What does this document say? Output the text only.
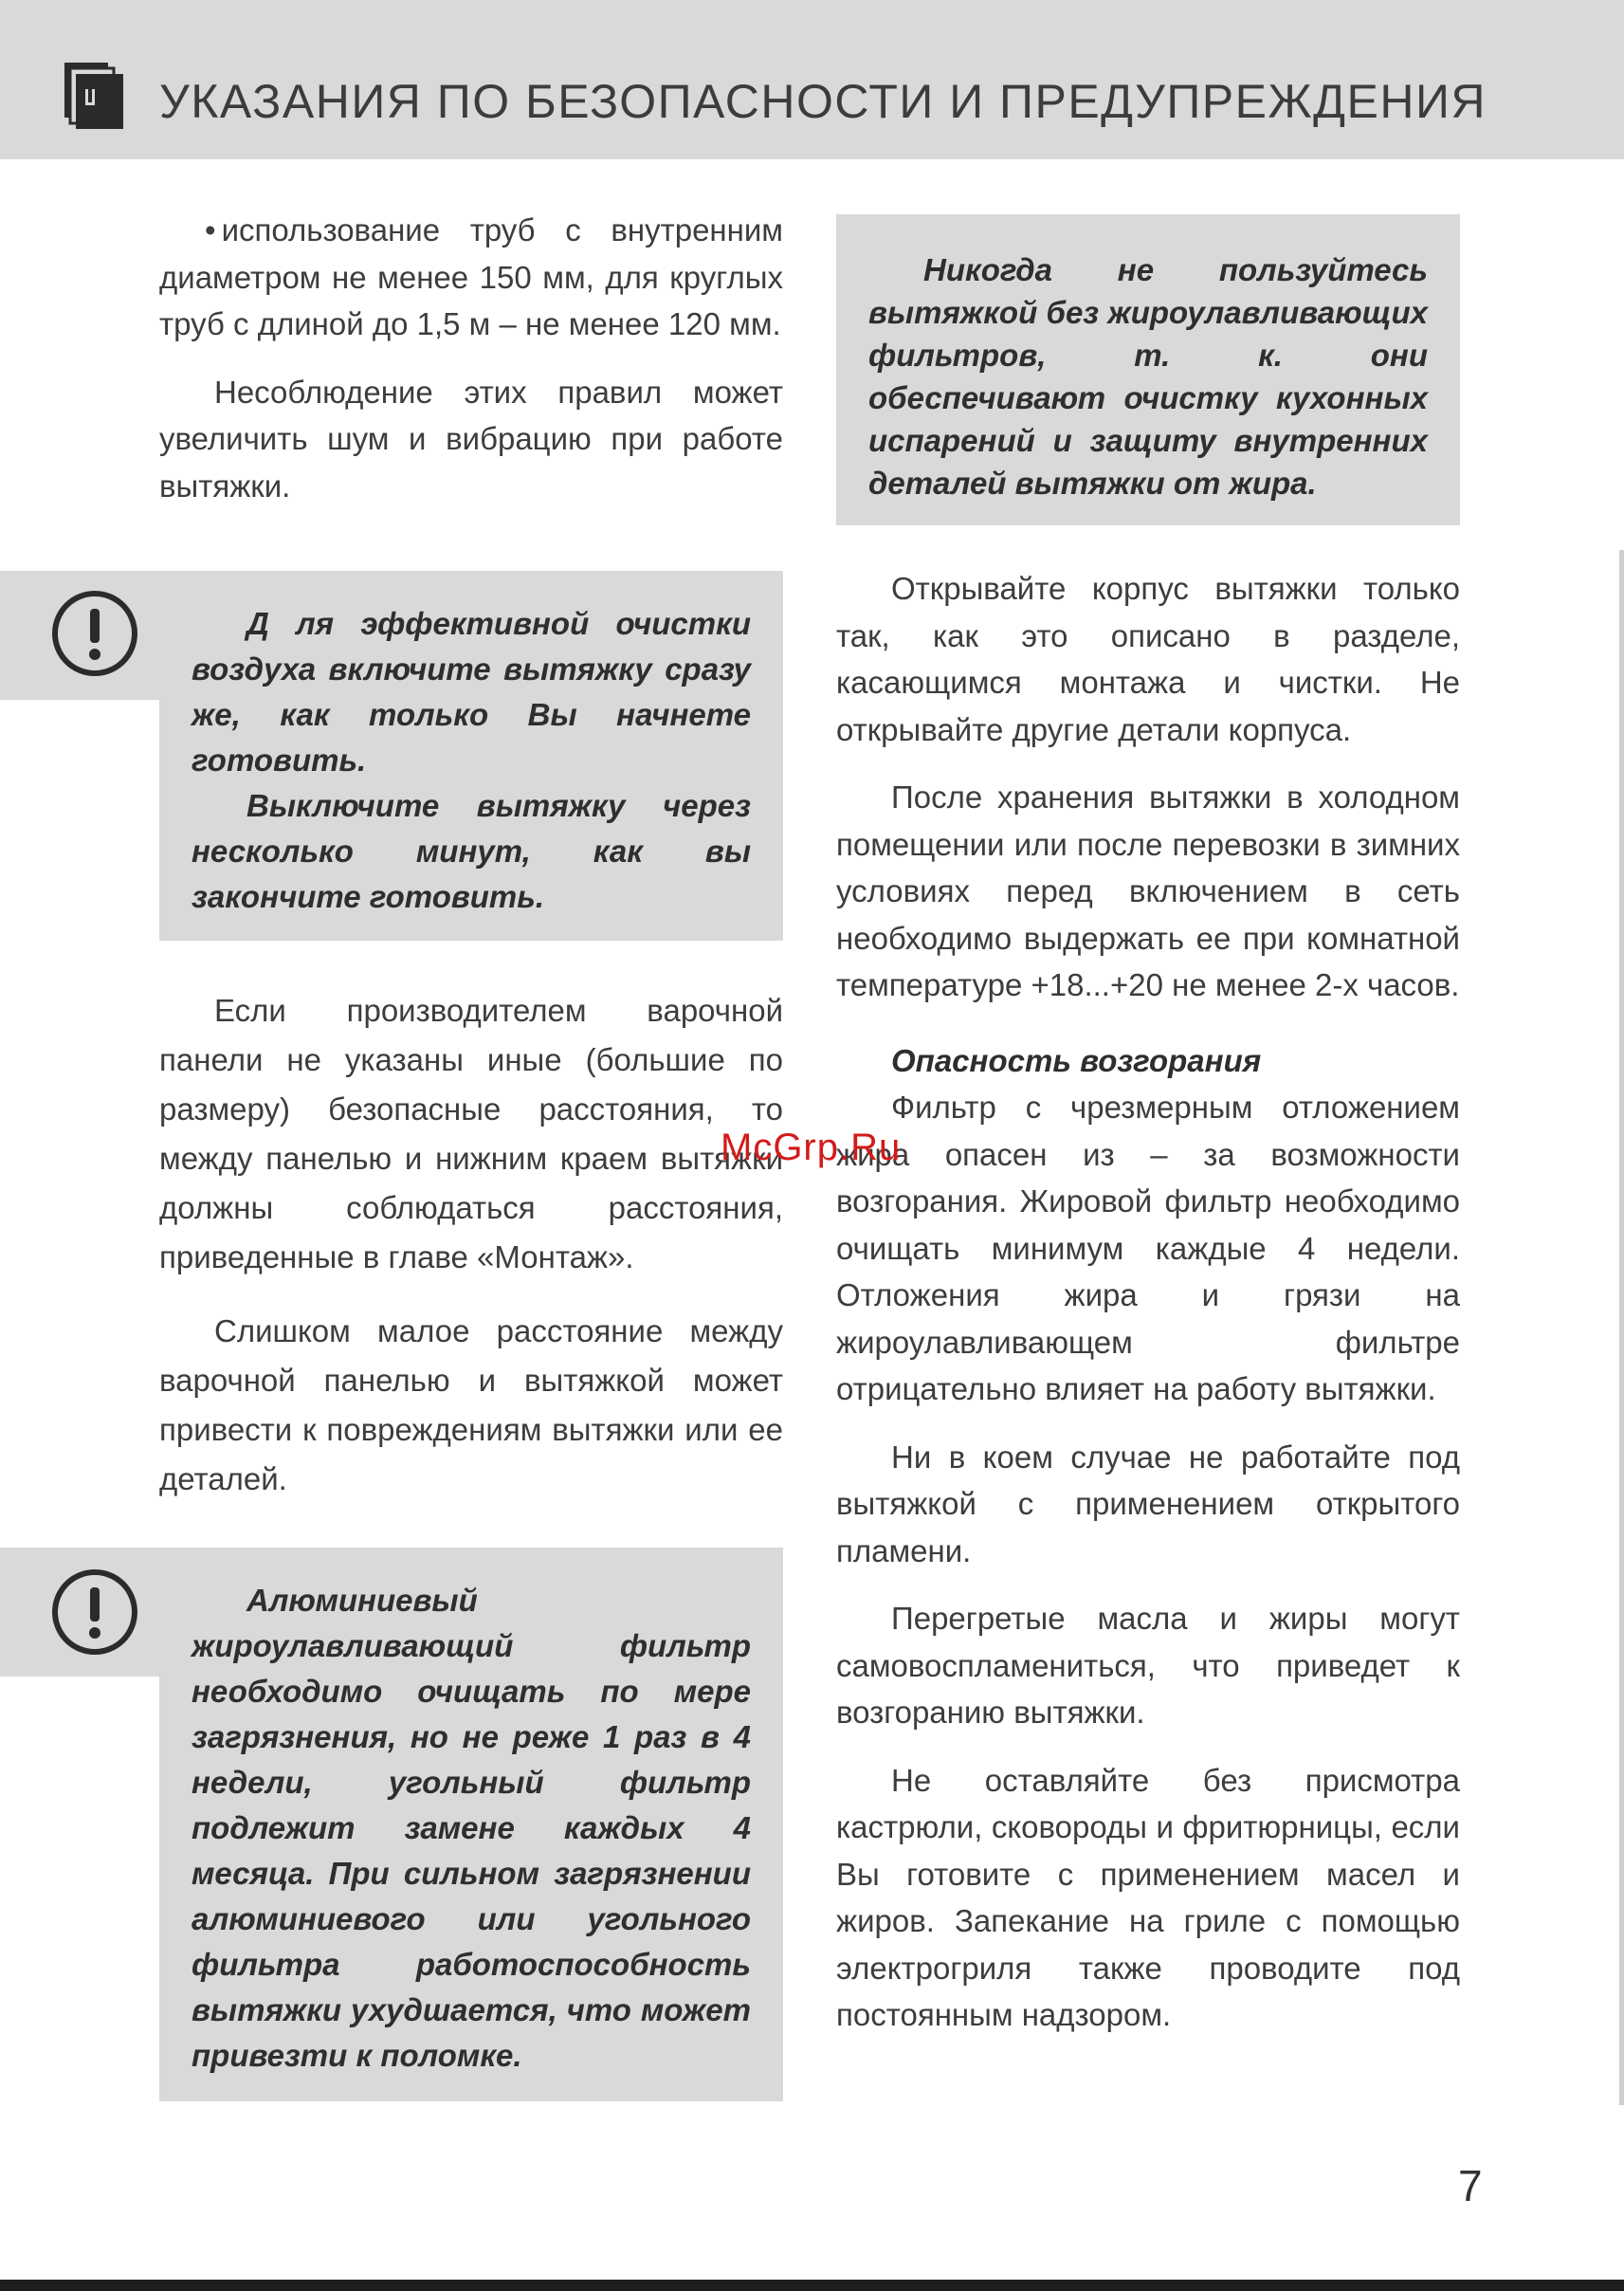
УКАЗАНИЯ ПО БЕЗОПАСНОСТИ И ПРЕДУПРЕЖДЕНИЯ

• использование труб с внутренним диаметром не менее 150 мм, для круглых труб с длиной до 1,5 м – не менее 120 мм.

Несоблюдение этих правил может увеличить шум и вибрацию при работе вытяжки.

Д ля эффективной очистки воздуха включите вытяжку сразу же, как только Вы начнете готовить.

Выключите вытяжку через несколько минут, как вы закончите готовить.

Если производителем варочной панели не указаны иные (большие по размеру) безопасные расстояния, то между панелью и нижним краем вытяжки должны соблюдаться расстояния, приведенные в главе «Монтаж».

Слишком малое расстояние между варочной панелью и вытяжкой может привести к повреждениям вытяжки или ее деталей.

Алюминиевый жироулавливающий фильтр необходимо очищать по мере загрязнения, но не реже 1 раз в 4 недели, угольный фильтр подлежит замене каждых 4 месяца. При сильном загрязнении алюминиевого или угольного фильтра работоспособность вытяжки ухудшается, что может привезти к поломке.

Никогда не пользуйтесь вытяжкой без жироулавливающих фильтров, т. к. они обеспечивают очистку кухонных испарений и защиту внутренних деталей вытяжки от жира.

Открывайте корпус вытяжки только так, как это описано в разделе, касающимся монтажа и чистки. Не открывайте другие детали корпуса.

После хранения вытяжки в холодном помещении или после перевозки в зимних условиях перед включением в сеть необходимо выдержать ее при комнатной температуре +18...+20 не менее 2-х часов.

Опасность возгорания

Фильтр с чрезмерным отложением жира опасен из – за возможности возгорания. Жировой фильтр необходимо очищать минимум каждые 4 недели. Отложения жира и грязи на жироулавливающем фильтре отрицательно влияет на работу вытяжки.

Ни в коем случае не работайте под вытяжкой с применением открытого пламени.

Перегретые масла и жиры могут самовоспламениться, что приведет к возгоранию вытяжки.

Не оставляйте без присмотра кастрюли, сковороды и фритюрницы, если Вы готовите с применением масел и жиров. Запекание на гриле с помощью электрогриля также проводите под постоянным надзором.

McGrp.Ru
7
